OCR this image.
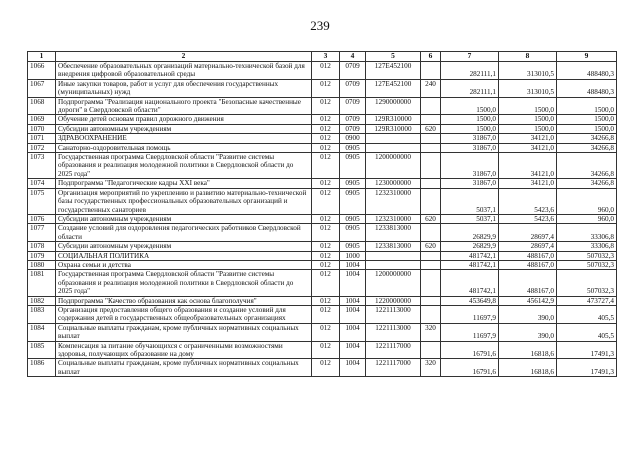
239
1	2	3	4	5	6	7	8	9
1066	Обеспечение образовательных организаций материально-технической базой для внедрения цифровой образовательной среды	012	0709	127E452100		282111,1	313010,5	488480,3
1067	Иные закупки товаров, работ и услуг для обеспечения государственных (муниципальных) нужд	012	0709	127E452100	240	282111,1	313010,5	488480,3
1068	Подпрограмма "Реализация национального проекта "Безопасные качественные дороги" в Свердловской области"	012	0709	1290000000		1500,0	1500,0	1500,0
1069	Обучение детей основам правил дорожного движения	012	0709	129R310000		1500,0	1500,0	1500,0
1070	Субсидии автономным учреждениям	012	0709	129R310000	620	1500,0	1500,0	1500,0
1071	ЗДРАВООХРАНЕНИЕ	012	0900			31867,0	34121,0	34266,8
1072	Санаторно-оздоровительная помощь	012	0905			31867,0	34121,0	34266,8
1073	Государственная программа Свердловской области "Развитие системы образования и реализация молодежной политики в Свердловской области до 2025 года"	012	0905	1200000000		31867,0	34121,0	34266,8
1074	Подпрограмма "Педагогические кадры XXI века"	012	0905	1230000000		31867,0	34121,0	34266,8
1075	Организация мероприятий по укреплению и развитию материально-технической базы государственных профессиональных образовательных организаций и государственных санаториев	012	0905	1232310000		5037,1	5423,6	960,0
1076	Субсидии автономным учреждениям	012	0905	1232310000	620	5037,1	5423,6	960,0
1077	Создание условий для оздоровления педагогических работников Свердловской области	012	0905	1233813000		26829,9	28697,4	33306,8
1078	Субсидии автономным учреждениям	012	0905	1233813000	620	26829,9	28697,4	33306,8
1079	СОЦИАЛЬНАЯ ПОЛИТИКА	012	1000			481742,1	488167,0	507032,3
1080	Охрана семьи и детства	012	1004			481742,1	488167,0	507032,3
1081	Государственная программа Свердловской области "Развитие системы образования и реализация молодежной политики в Свердловской области до 2025 года"	012	1004	1200000000		481742,1	488167,0	507032,3
1082	Подпрограмма "Качество образования как основа благополучия"	012	1004	1220000000		453649,8	456142,9	473727,4
1083	Организация предоставления общего образования и создание условий для содержания детей в государственных общеобразовательных организациях	012	1004	1221113000		11697,9	390,0	405,5
1084	Социальные выплаты гражданам, кроме публичных нормативных социальных выплат	012	1004	1221113000	320	11697,9	390,0	405,5
1085	Компенсация за питание обучающихся с ограниченными возможностями здоровья, получающих образование на дому	012	1004	1221117000		16791,6	16818,6	17491,3
1086	Социальные выплаты гражданам, кроме публичных нормативных социальных выплат	012	1004	1221117000	320	16791,6	16818,6	17491,3
